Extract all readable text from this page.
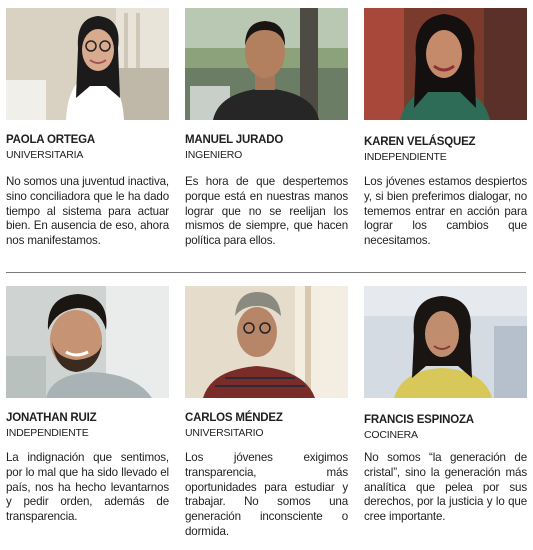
PAOLA ORTEGA
UNIVERSITARIA
No somos una juventud inactiva, sino conciliadora que le ha dado tiempo al sistema para actuar bien. En ausencia de eso, ahora nos manifestamos.
MANUEL JURADO
INGENIERO
Es hora de que despertemos porque está en nuestras manos lograr que no se reelijan los mismos de siempre, que hacen política para ellos.
KAREN VELÁSQUEZ
INDEPENDIENTE
Los jóvenes estamos despiertos y, si bien preferimos dialogar, no tememos entrar en acción para lograr los cambios que necesitamos.
JONATHAN RUIZ
INDEPENDIENTE
La indignación que sentimos, por lo mal que ha sido llevado el país, nos ha hecho levantarnos y pedir orden, además de transparencia.
CARLOS MÉNDEZ
UNIVERSITARIO
Los jóvenes exigimos transparencia, más oportunidades para estudiar y trabajar. No somos una generación inconsciente o dormida.
FRANCIS ESPINOZA
COCINERA
No somos “la generación de cristal”, sino la generación más analítica que pelea por sus derechos, por la justicia y lo que cree importante.
